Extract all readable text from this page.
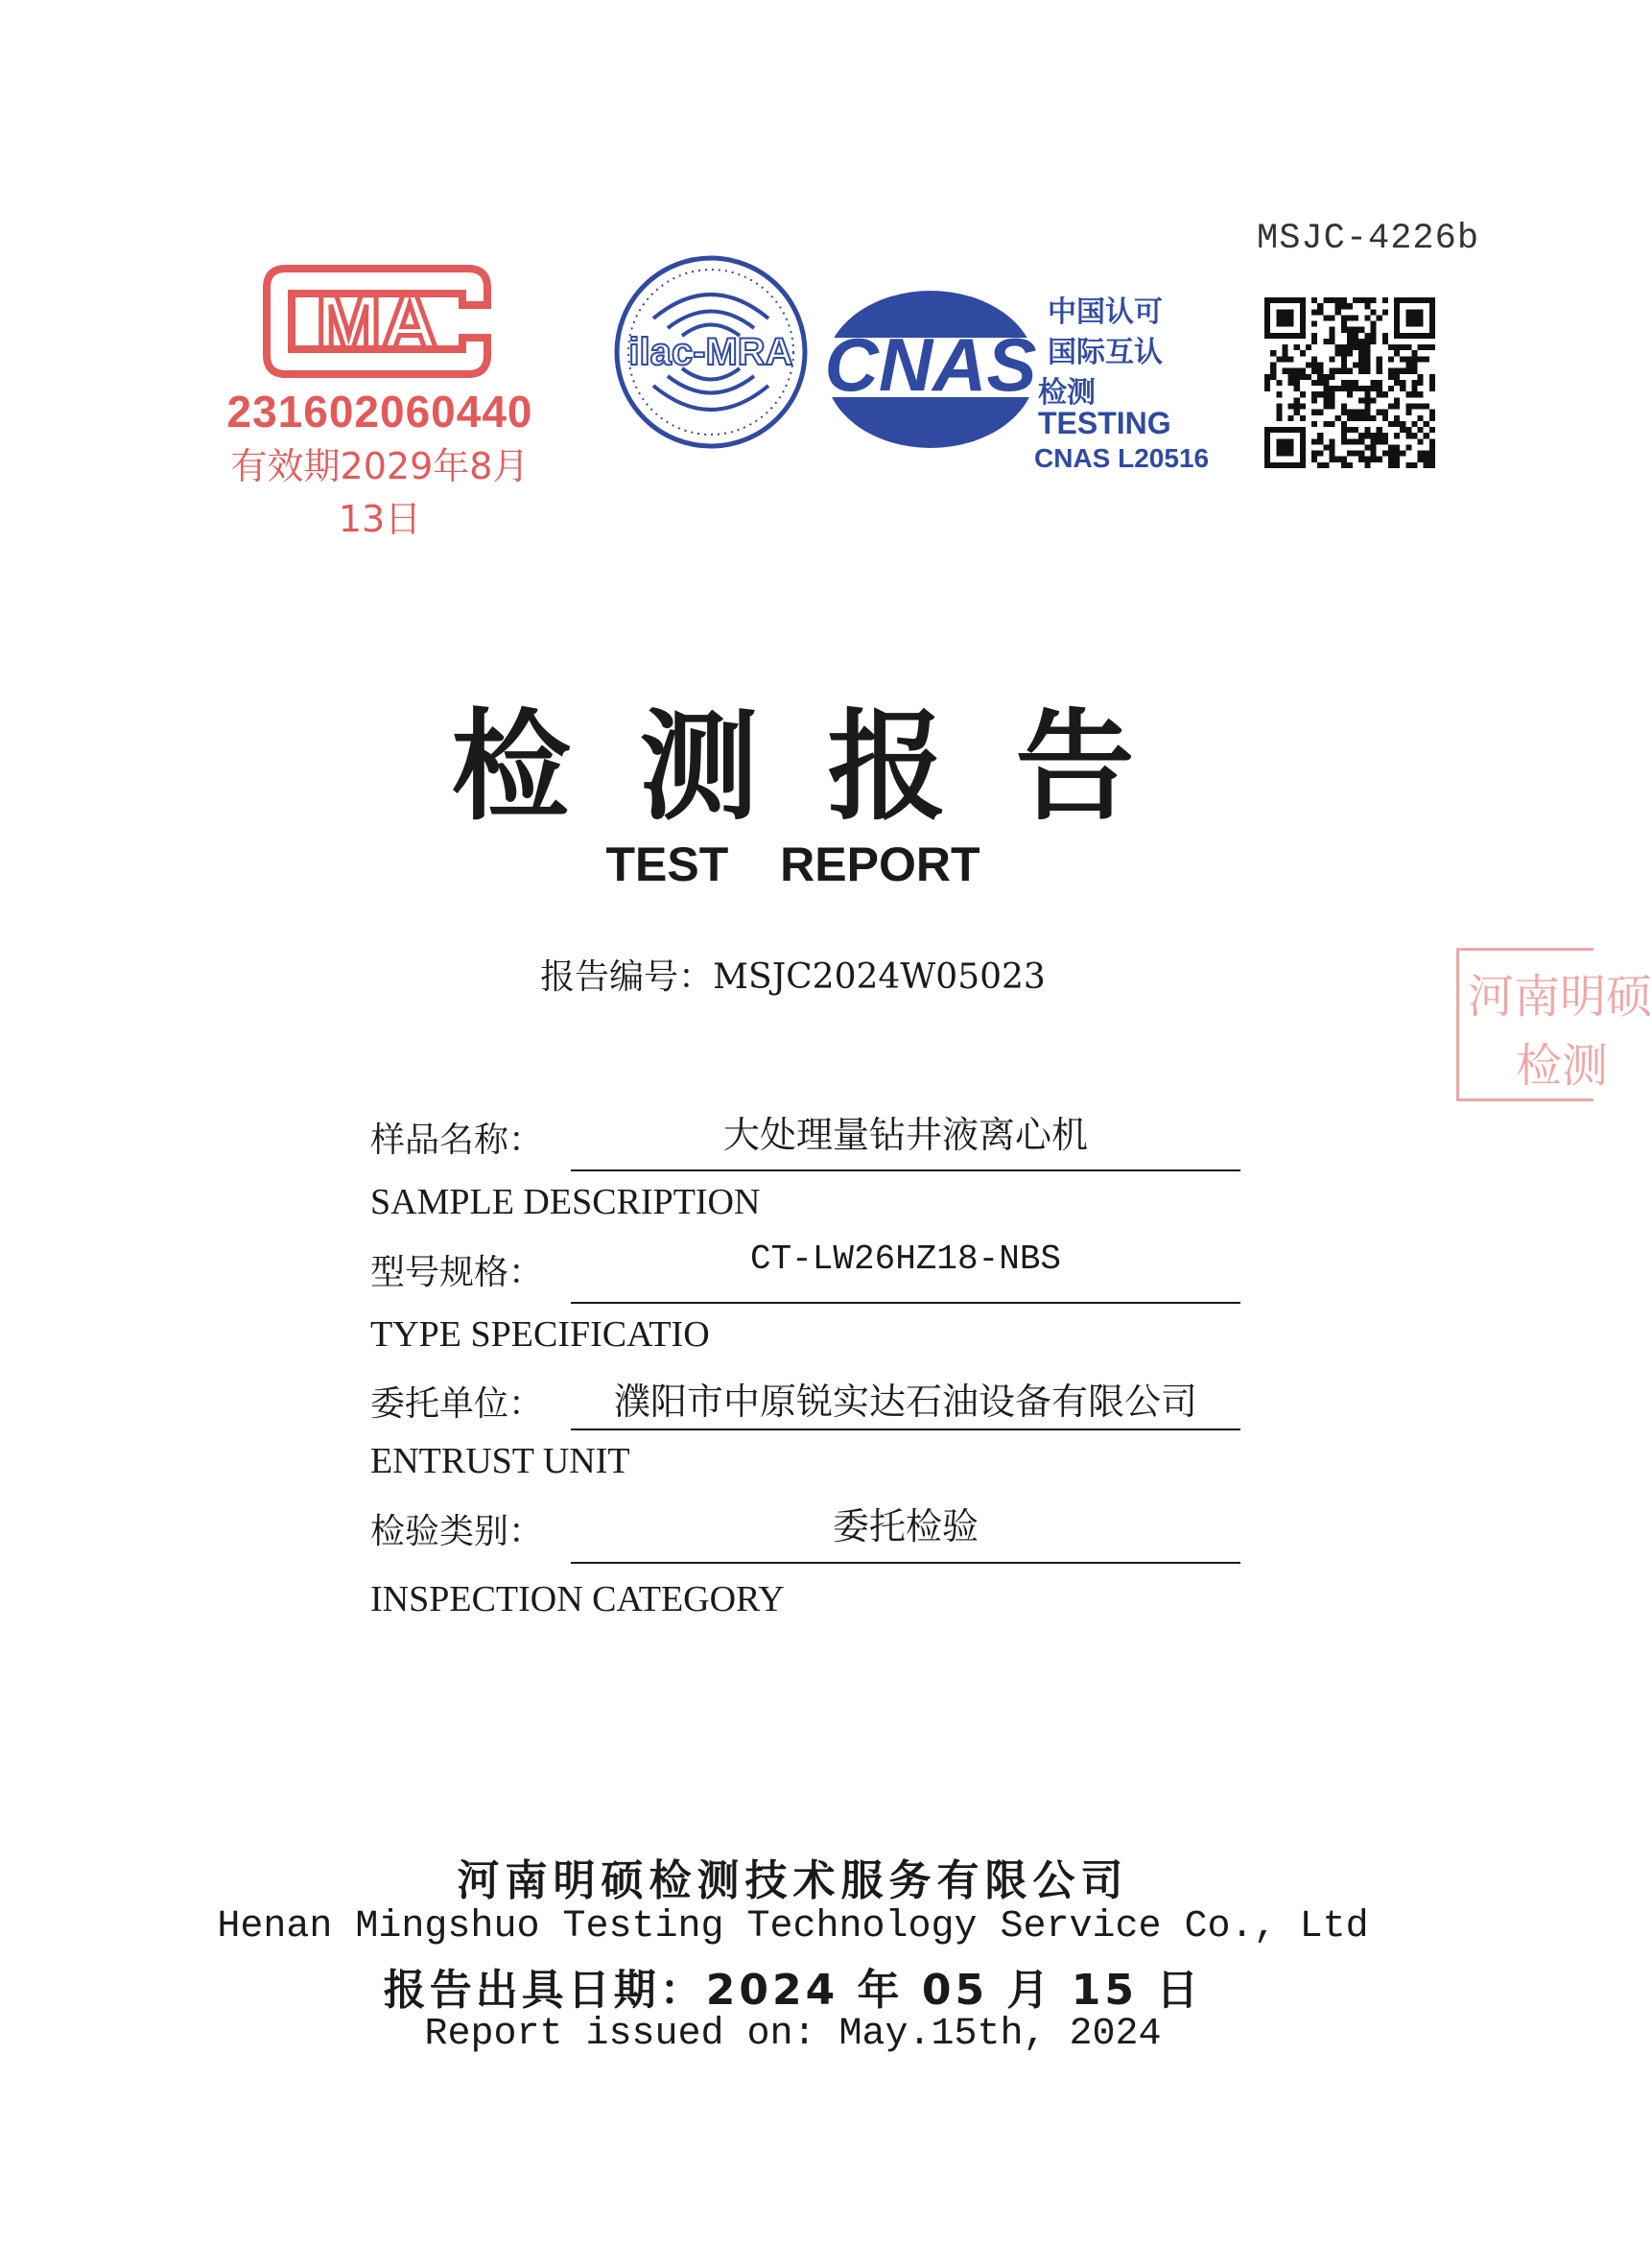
MSJC-4226b
MA
231602060440
有效期2029年8月13日
ilac-MRA CNAS
中国认可
国际互认
检测
TESTING
CNAS L20516
河南明硕
检测
检测报告
TEST REPORT
报告编号：MSJC2024W05023
样品名称：	大处理量钻井液离心机
SAMPLE DESCRIPTION
型号规格：	CT-LW26HZ18-NBS
TYPE SPECIFICATIO
委托单位：	濮阳市中原锐实达石油设备有限公司
ENTRUST UNIT
检验类别：	委托检验
INSPECTION CATEGORY
河南明硕检测技术服务有限公司
Henan Mingshuo Testing Technology Service Co., Ltd
报告出具日期：2024 年 05 月 15 日
Report issued on: May.15th, 2024
